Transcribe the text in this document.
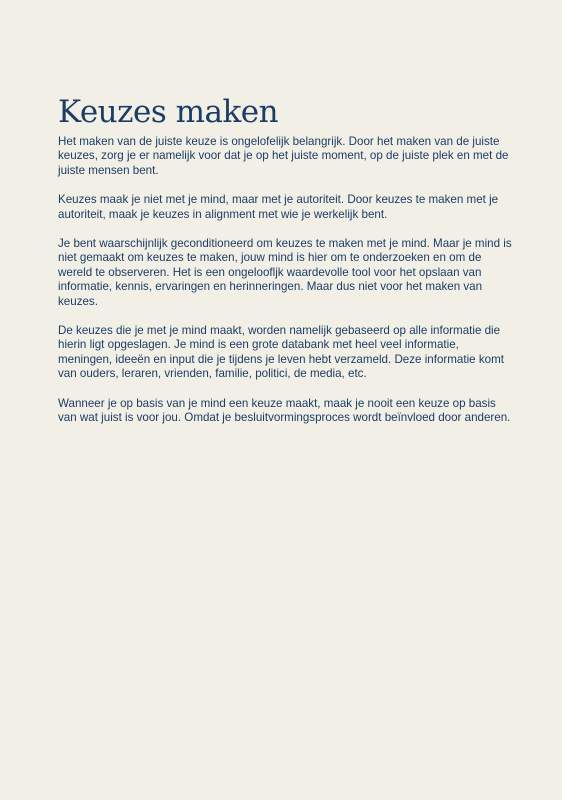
Keuzes maken

Het maken van de juiste keuze is ongelofelijk belangrijk. Door het maken van de juiste keuzes, zorg je er namelijk voor dat je op het juiste moment, op de juiste plek en met de juiste mensen bent.

Keuzes maak je niet met je mind, maar met je autoriteit. Door keuzes te maken met je autoriteit, maak je keuzes in alignment met wie je werkelijk bent.

Je bent waarschijnlijk geconditioneerd om keuzes te maken met je mind. Maar je mind is niet gemaakt om keuzes te maken, jouw mind is hier om te onderzoeken en om de wereld te observeren. Het is een ongeloofljk waardevolle tool voor het opslaan van informatie, kennis, ervaringen en herinneringen. Maar dus niet voor het maken van keuzes.

De keuzes die je met je mind maakt, worden namelijk gebaseerd op alle informatie die hierin ligt opgeslagen. Je mind is een grote databank met heel veel informatie, meningen, ideeën en input die je tijdens je leven hebt verzameld. Deze informatie komt van ouders, leraren, vrienden, familie, politici, de media, etc.

Wanneer je op basis van je mind een keuze maakt, maak je nooit een keuze op basis van wat juist is voor jou. Omdat je besluitvormingsproces wordt beïnvloed door anderen.
